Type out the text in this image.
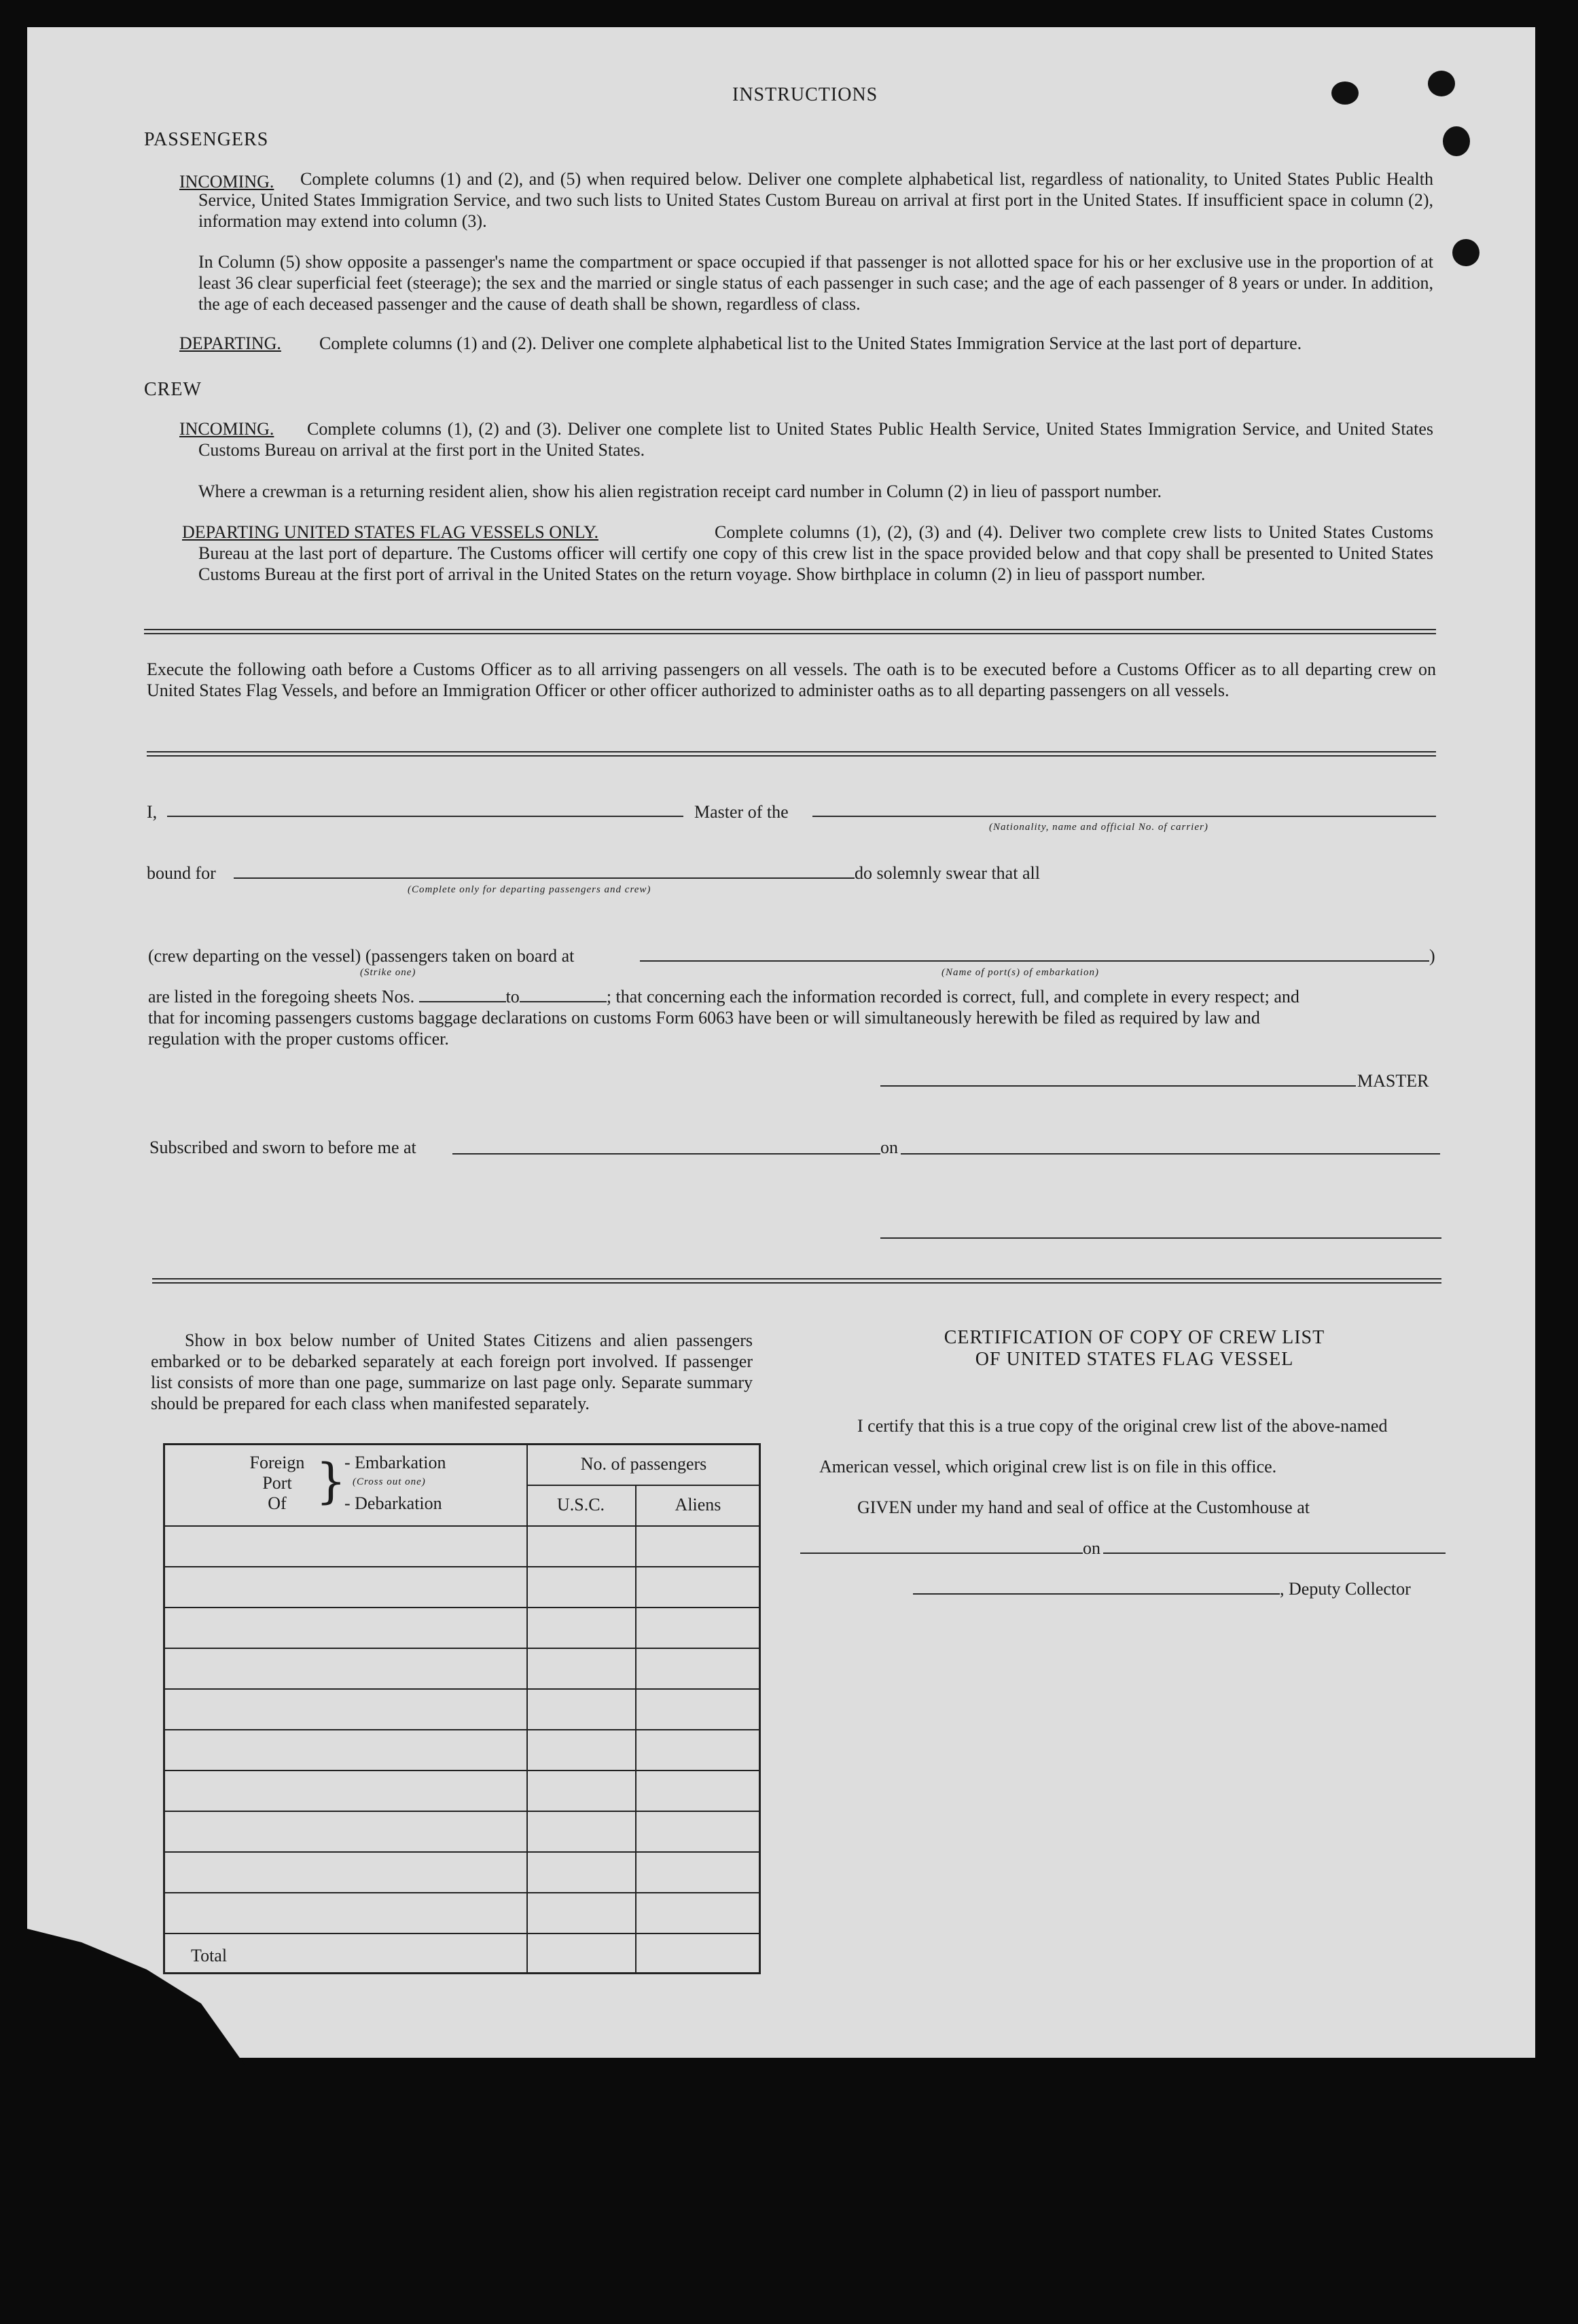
INSTRUCTIONS
PASSENGERS
INCOMING.	Complete columns (1) and (2), and (5) when required below. Deliver one complete alphabetical list, regardless of nationality, to United States Public Health Service, United States Immigration Service, and two such lists to United States Custom Bureau on arrival at first port in the United States. If insufficient space in column (2), information may extend into column (3).
In Column (5) show opposite a passenger's name the compartment or space occupied if that passenger is not allotted space for his or her exclusive use in the proportion of at least 36 clear superficial feet (steerage); the sex and the married or single status of each passenger in such case; and the age of each passenger of 8 years or under. In addition, the age of each deceased passenger and the cause of death shall be shown, regardless of class.
DEPARTING. Complete columns (1) and (2). Deliver one complete alphabetical list to the United States Immigration Service at the last port of departure.
CREW
INCOMING.	Complete columns (1), (2) and (3). Deliver one complete list to United States Public Health Service, United States Immigration Service, and United States Customs Bureau on arrival at the first port in the United States.
Where a crewman is a returning resident alien, show his alien registration receipt card number in Column (2) in lieu of passport number.
DEPARTING UNITED STATES FLAG VESSELS ONLY.	Complete columns (1), (2), (3) and (4). Deliver two complete crew lists to United States Customs Bureau at the last port of departure. The Customs officer will certify one copy of this crew list in the space provided below and that copy shall be presented to United States Customs Bureau at the first port of arrival in the United States on the return voyage. Show birthplace in column (2) in lieu of passport number.
Execute the following oath before a Customs Officer as to all arriving passengers on all vessels. The oath is to be executed before a Customs Officer as to all departing crew on United States Flag Vessels, and before an Immigration Officer or other officer authorized to administer oaths as to all departing passengers on all vessels.
I,	Master of the
(Nationality, name and official No. of carrier)
bound for	do solemnly swear that all
(Complete only for departing passengers and crew)
(crew departing on the vessel) (passengers taken on board at	)
(Strike one)	(Name of port(s) of embarkation)
are listed in the foregoing sheets Nos.	to	; that concerning each the information recorded is correct, full, and complete in every respect; and
that for incoming passengers customs baggage declarations on customs Form 6063 have been or will simultaneously herewith be filed as required by law and
regulation with the proper customs officer.
MASTER
Subscribed and sworn to before me at	on
Show in box below number of United States Citizens and alien passengers embarked or to be debarked separately at each foreign port involved. If passenger list consists of more than one page, summarize on last page only. Separate summary should be prepared for each class when manifested separately.
Foreign
Port
Of }
- Embarkation
(Cross out one)
- Debarkation
No. of passengers
U.S.C.	Aliens
Total
CERTIFICATION OF COPY OF CREW LIST
OF UNITED STATES FLAG VESSEL
I certify that this is a true copy of the original crew list of the above-named
American vessel, which original crew list is on file in this office.
GIVEN under my hand and seal of office at the Customhouse at
on
, Deputy Collector
